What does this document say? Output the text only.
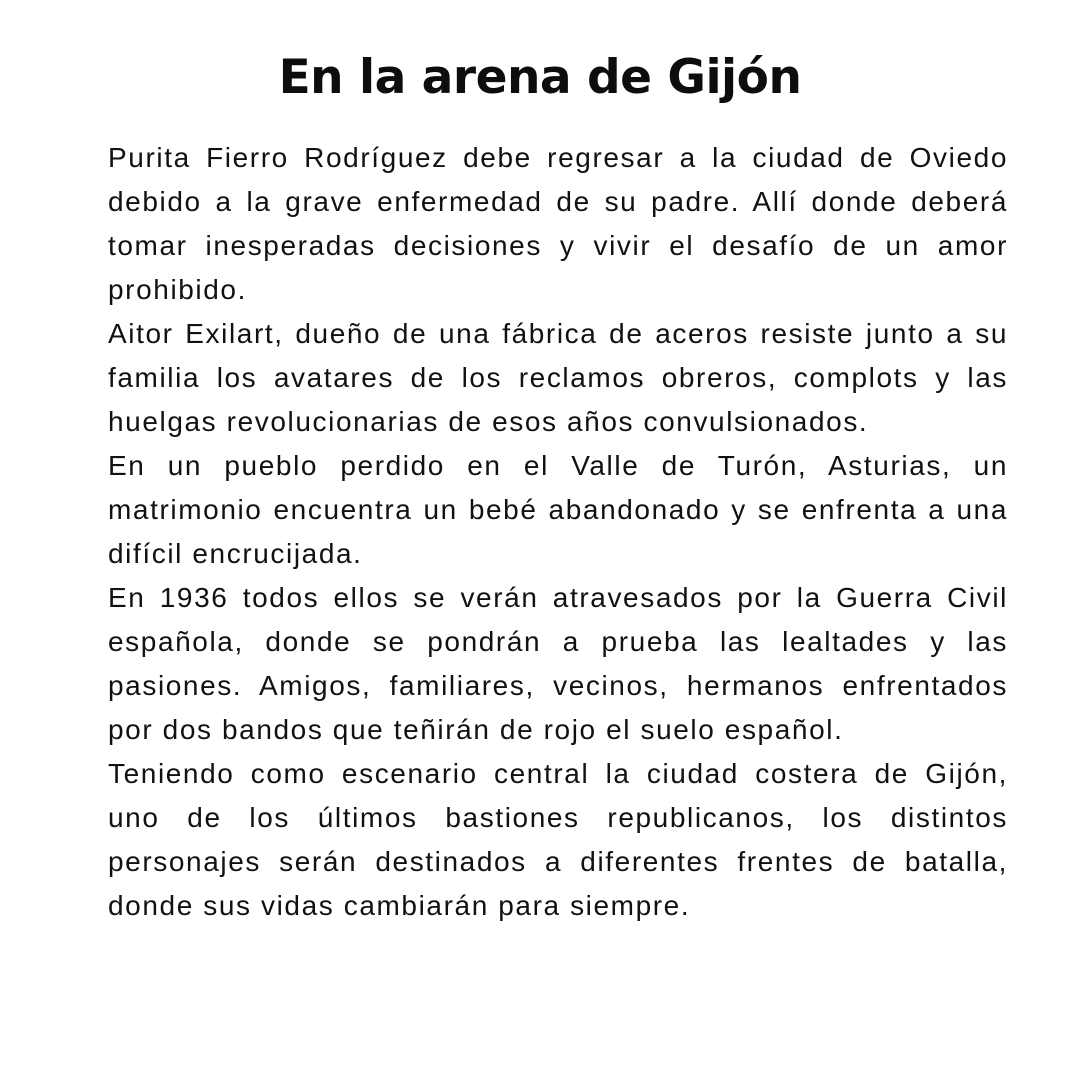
En la arena de Gijón

Purita Fierro Rodríguez debe regresar a la ciudad de Oviedo debido a la grave enfermedad de su padre. Allí donde deberá tomar inesperadas decisiones y vivir el desafío de un amor prohibido.

Aitor Exilart, dueño de una fábrica de aceros resiste junto a su familia los avatares de los reclamos obreros, complots y las huelgas revolucionarias de esos años convulsionados.

En un pueblo perdido en el Valle de Turón, Asturias, un matrimonio encuentra un bebé abandonado y se enfrenta a una difícil encrucijada.

En 1936 todos ellos se verán atravesados por la Guerra Civil española, donde se pondrán a prueba las lealtades y las pasiones. Amigos, familiares, vecinos, hermanos enfrentados por dos bandos que teñirán de rojo el suelo español.

Teniendo como escenario central la ciudad costera de Gijón, uno de los últimos bastiones republicanos, los distintos personajes serán destinados a diferentes frentes de batalla, donde sus vidas cambiarán para siempre.
